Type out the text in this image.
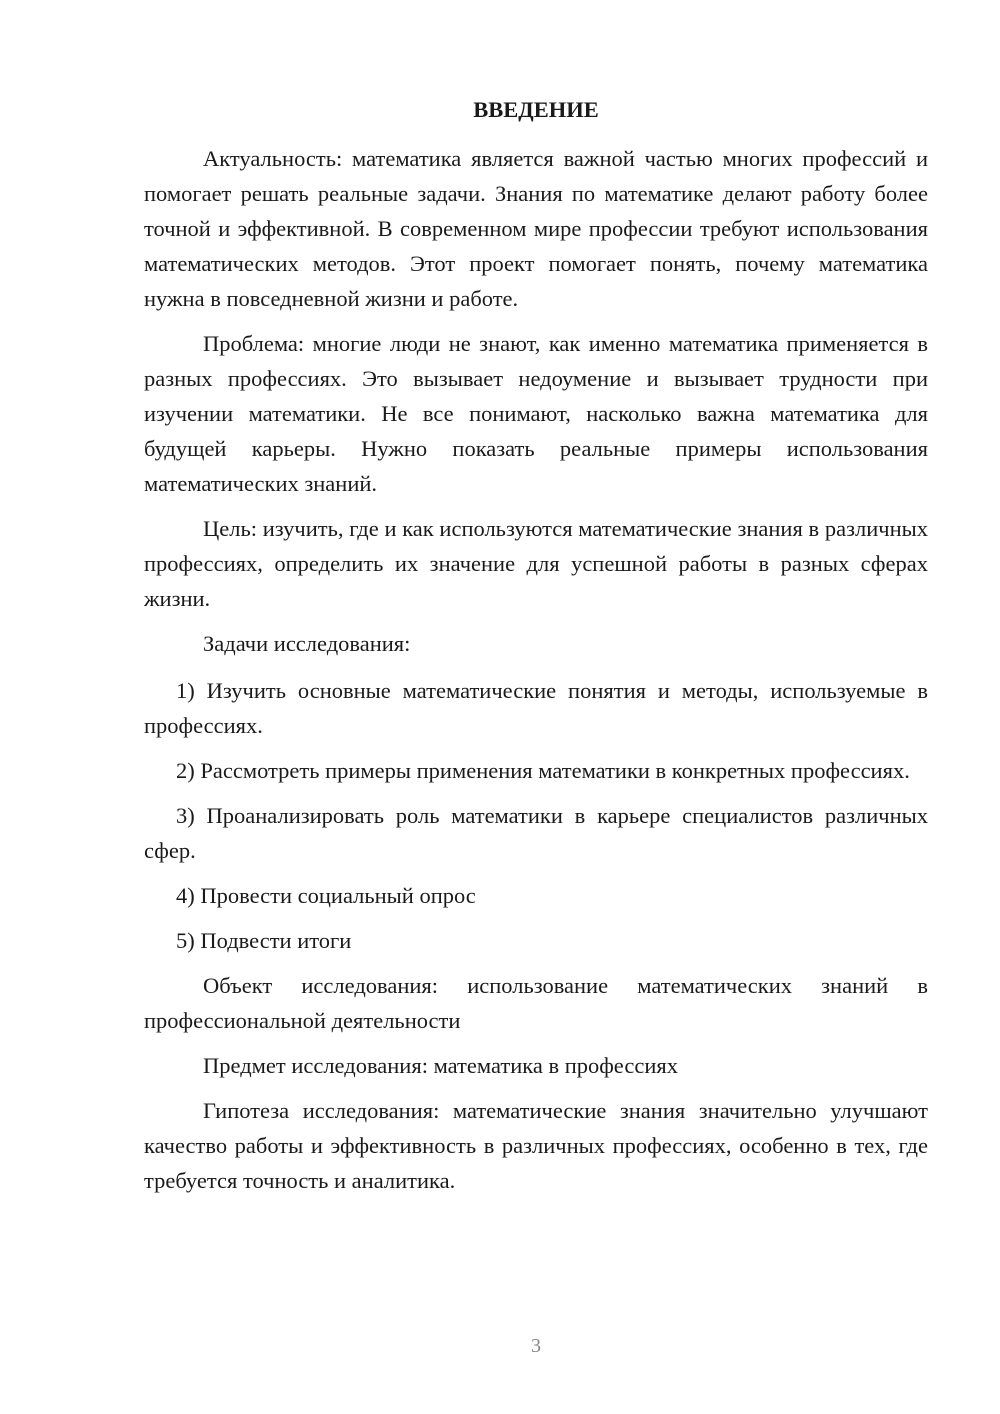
ВВЕДЕНИЕ

Актуальность: математика является важной частью многих профессий и помогает решать реальные задачи. Знания по математике делают работу более точной и эффективной. В современном мире профессии требуют использования математических методов. Этот проект помогает понять, почему математика нужна в повседневной жизни и работе.

Проблема: многие люди не знают, как именно математика применяется в разных профессиях. Это вызывает недоумение и вызывает трудности при изучении математики. Не все понимают, насколько важна математика для будущей карьеры. Нужно показать реальные примеры использования математических знаний.

Цель: изучить, где и как используются математические знания в различных профессиях, определить их значение для успешной работы в разных сферах жизни.

Задачи исследования:

1) Изучить основные математические понятия и методы, используемые в профессиях.

2) Рассмотреть примеры применения математики в конкретных профессиях.

3) Проанализировать роль математики в карьере специалистов различных сфер.

4) Провести социальный опрос

5) Подвести итоги

Объект исследования: использование математических знаний в профессиональной деятельности

Предмет исследования: математика в профессиях

Гипотеза исследования: математические знания значительно улучшают качество работы и эффективность в различных профессиях, особенно в тех, где требуется точность и аналитика.

3
